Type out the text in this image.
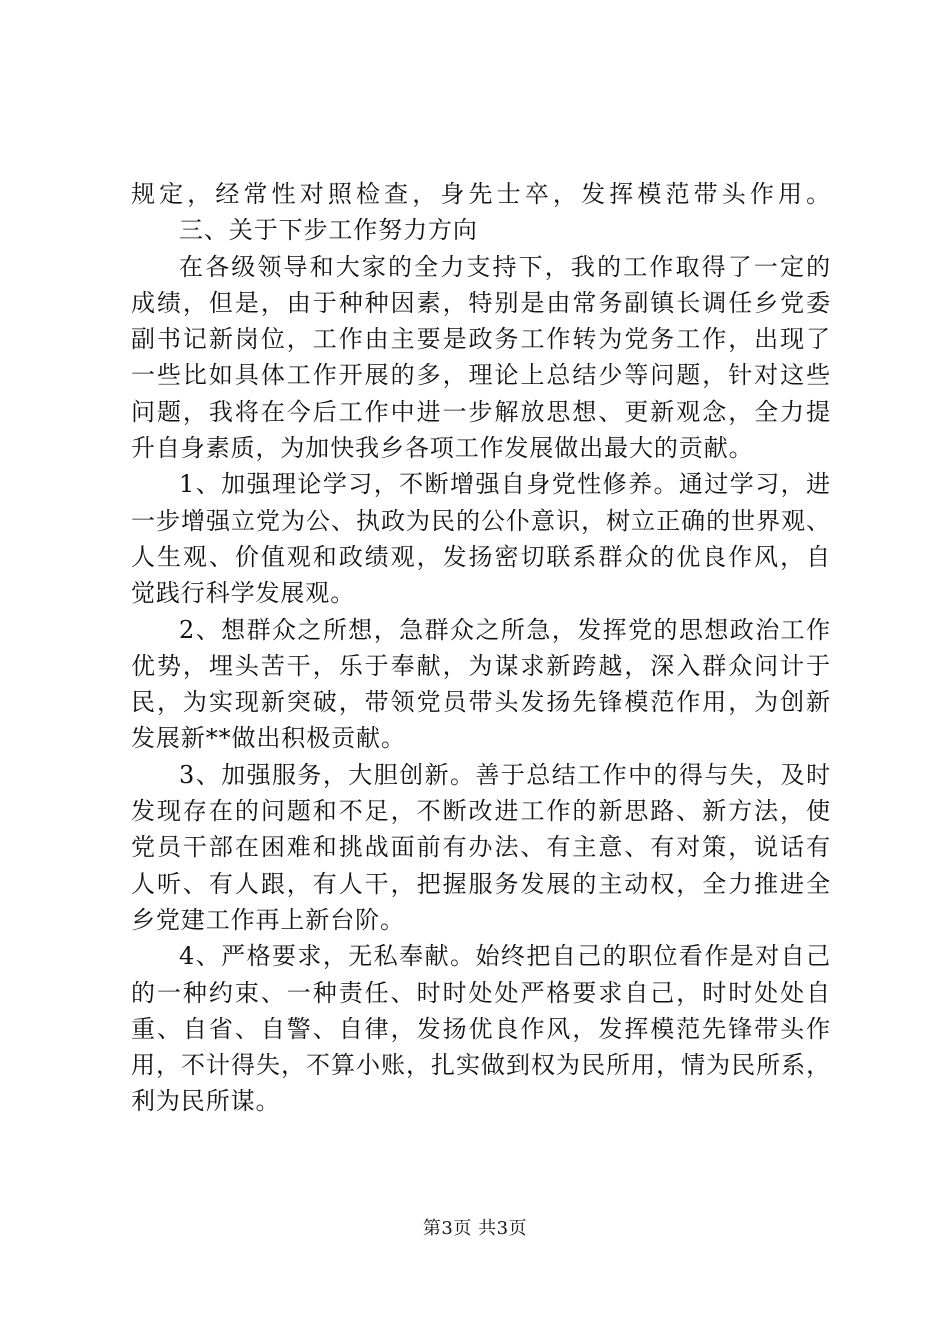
规定，经常性对照检查，身先士卒，发挥模范带头作用。
三、关于下步工作努力方向
在各级领导和大家的全力支持下，我的工作取得了一定的
成绩，但是，由于种种因素，特别是由常务副镇长调任乡党委
副书记新岗位，工作由主要是政务工作转为党务工作，出现了
一些比如具体工作开展的多，理论上总结少等问题，针对这些
问题，我将在今后工作中进一步解放思想、更新观念，全力提
升自身素质，为加快我乡各项工作发展做出最大的贡献。
1、加强理论学习，不断增强自身党性修养。通过学习，进
一步增强立党为公、执政为民的公仆意识，树立正确的世界观、
人生观、价值观和政绩观，发扬密切联系群众的优良作风，自
觉践行科学发展观。
2、想群众之所想，急群众之所急，发挥党的思想政治工作
优势，埋头苦干，乐于奉献，为谋求新跨越，深入群众问计于
民，为实现新突破，带领党员带头发扬先锋模范作用，为创新
发展新**做出积极贡献。
3、加强服务，大胆创新。善于总结工作中的得与失，及时
发现存在的问题和不足，不断改进工作的新思路、新方法，使
党员干部在困难和挑战面前有办法、有主意、有对策，说话有
人听、有人跟，有人干，把握服务发展的主动权，全力推进全
乡党建工作再上新台阶。
4、严格要求，无私奉献。始终把自己的职位看作是对自己
的一种约束、一种责任、时时处处严格要求自己，时时处处自
重、自省、自警、自律，发扬优良作风，发挥模范先锋带头作
用，不计得失，不算小账，扎实做到权为民所用，情为民所系，
利为民所谋。
第3页 共3页
